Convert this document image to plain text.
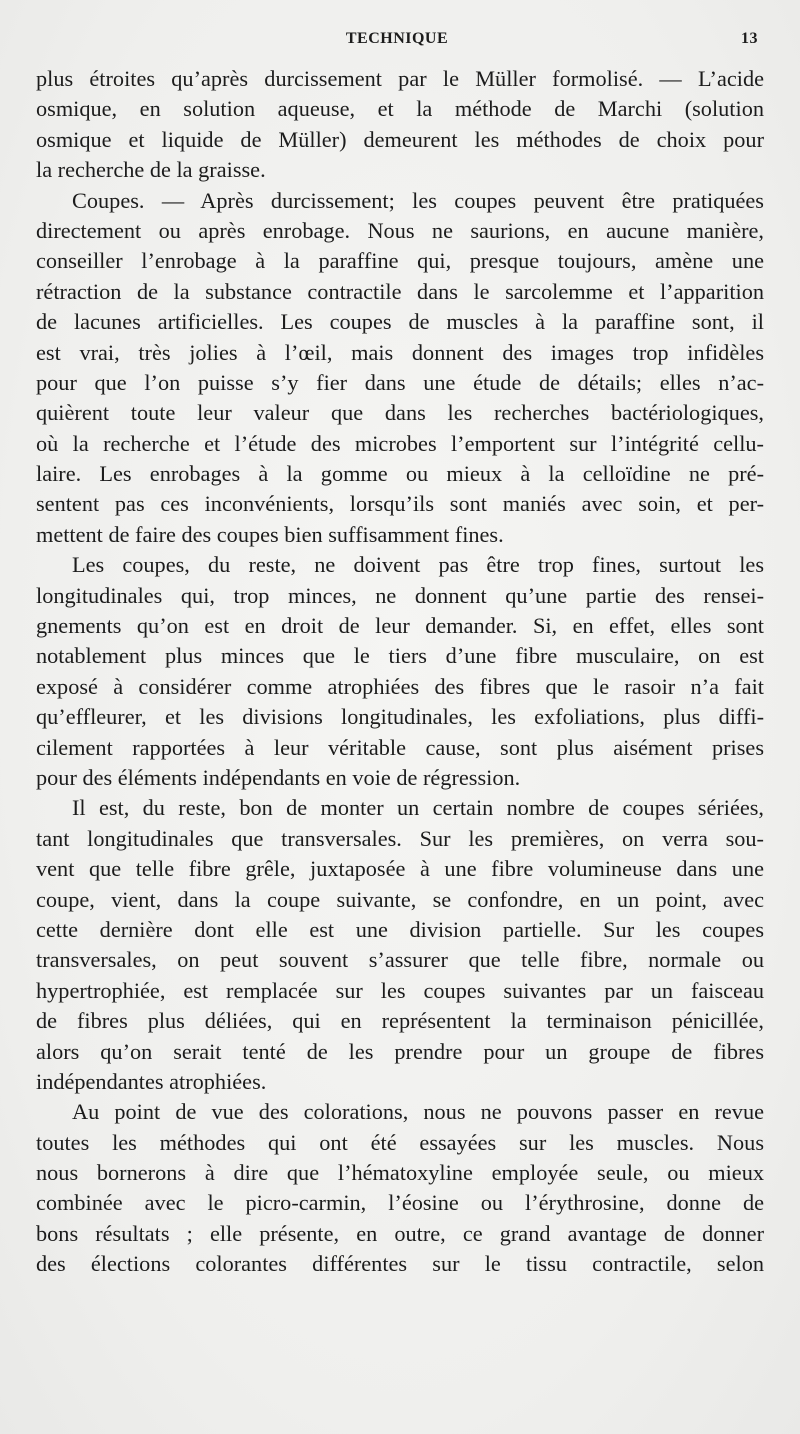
TECHNIQUE	13
plus étroites qu’après durcissement par le Müller formolisé. — L’acide
osmique, en solution aqueuse, et la méthode de Marchi (solution
osmique et liquide de Müller) demeurent les méthodes de choix pour
la recherche de la graisse.
Coupes. — Après durcissement; les coupes peuvent être pratiquées
directement ou après enrobage. Nous ne saurions, en aucune manière,
conseiller l’enrobage à la paraffine qui, presque toujours, amène une
rétraction de la substance contractile dans le sarcolemme et l’apparition
de lacunes artificielles. Les coupes de muscles à la paraffine sont, il
est vrai, très jolies à l’œil, mais donnent des images trop infidèles
pour que l’on puisse s’y fier dans une étude de détails; elles n’ac-
quièrent toute leur valeur que dans les recherches bactériologiques,
où la recherche et l’étude des microbes l’emportent sur l’intégrité cellu-
laire. Les enrobages à la gomme ou mieux à la celloïdine ne pré-
sentent pas ces inconvénients, lorsqu’ils sont maniés avec soin, et per-
mettent de faire des coupes bien suffisamment fines.
Les coupes, du reste, ne doivent pas être trop fines, surtout les
longitudinales qui, trop minces, ne donnent qu’une partie des rensei-
gnements qu’on est en droit de leur demander. Si, en effet, elles sont
notablement plus minces que le tiers d’une fibre musculaire, on est
exposé à considérer comme atrophiées des fibres que le rasoir n’a fait
qu’effleurer, et les divisions longitudinales, les exfoliations, plus diffi-
cilement rapportées à leur véritable cause, sont plus aisément prises
pour des éléments indépendants en voie de régression.
Il est, du reste, bon de monter un certain nombre de coupes sériées,
tant longitudinales que transversales. Sur les premières, on verra sou-
vent que telle fibre grêle, juxtaposée à une fibre volumineuse dans une
coupe, vient, dans la coupe suivante, se confondre, en un point, avec
cette dernière dont elle est une division partielle. Sur les coupes
transversales, on peut souvent s’assurer que telle fibre, normale ou
hypertrophiée, est remplacée sur les coupes suivantes par un faisceau
de fibres plus déliées, qui en représentent la terminaison pénicillée,
alors qu’on serait tenté de les prendre pour un groupe de fibres
indépendantes atrophiées.
Au point de vue des colorations, nous ne pouvons passer en revue
toutes les méthodes qui ont été essayées sur les muscles. Nous
nous bornerons à dire que l’hématoxyline employée seule, ou mieux
combinée avec le picro-carmin, l’éosine ou l’érythrosine, donne de
bons résultats ; elle présente, en outre, ce grand avantage de donner
des élections colorantes différentes sur le tissu contractile, selon
